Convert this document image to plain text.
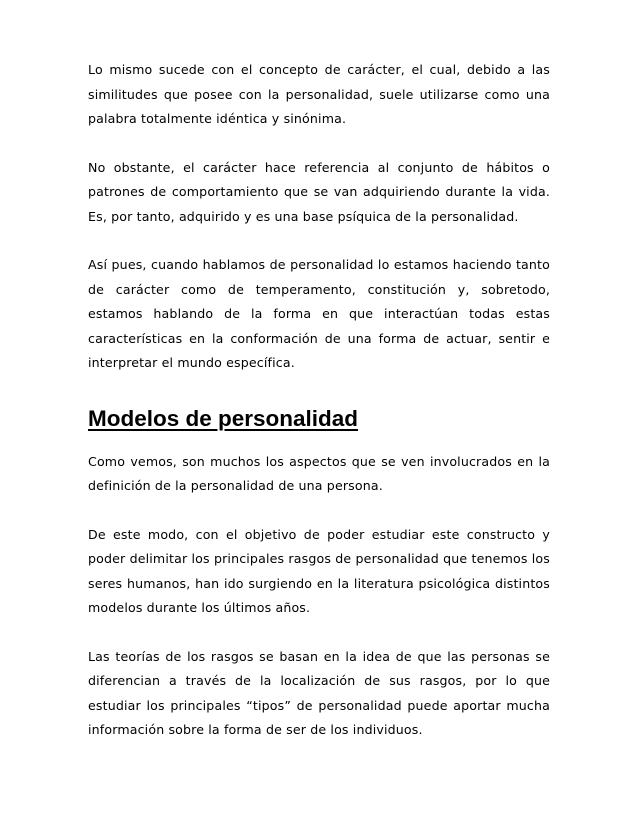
Lo mismo sucede con el concepto de carácter, el cual, debido a las similitudes que posee con la personalidad, suele utilizarse como una palabra totalmente idéntica y sinónima.

No obstante, el carácter hace referencia al conjunto de hábitos o patrones de comportamiento que se van adquiriendo durante la vida. Es, por tanto, adquirido y es una base psíquica de la personalidad.

Así pues, cuando hablamos de personalidad lo estamos haciendo tanto de carácter como de temperamento, constitución y, sobretodo, estamos hablando de la forma en que interactúan todas estas características en la conformación de una forma de actuar, sentir e interpretar el mundo específica.

Modelos de personalidad

Como vemos, son muchos los aspectos que se ven involucrados en la definición de la personalidad de una persona.

De este modo, con el objetivo de poder estudiar este constructo y poder delimitar los principales rasgos de personalidad que tenemos los seres humanos, han ido surgiendo en la literatura psicológica distintos modelos durante los últimos años.

Las teorías de los rasgos se basan en la idea de que las personas se diferencian a través de la localización de sus rasgos, por lo que estudiar los principales “tipos” de personalidad puede aportar mucha información sobre la forma de ser de los individuos.
